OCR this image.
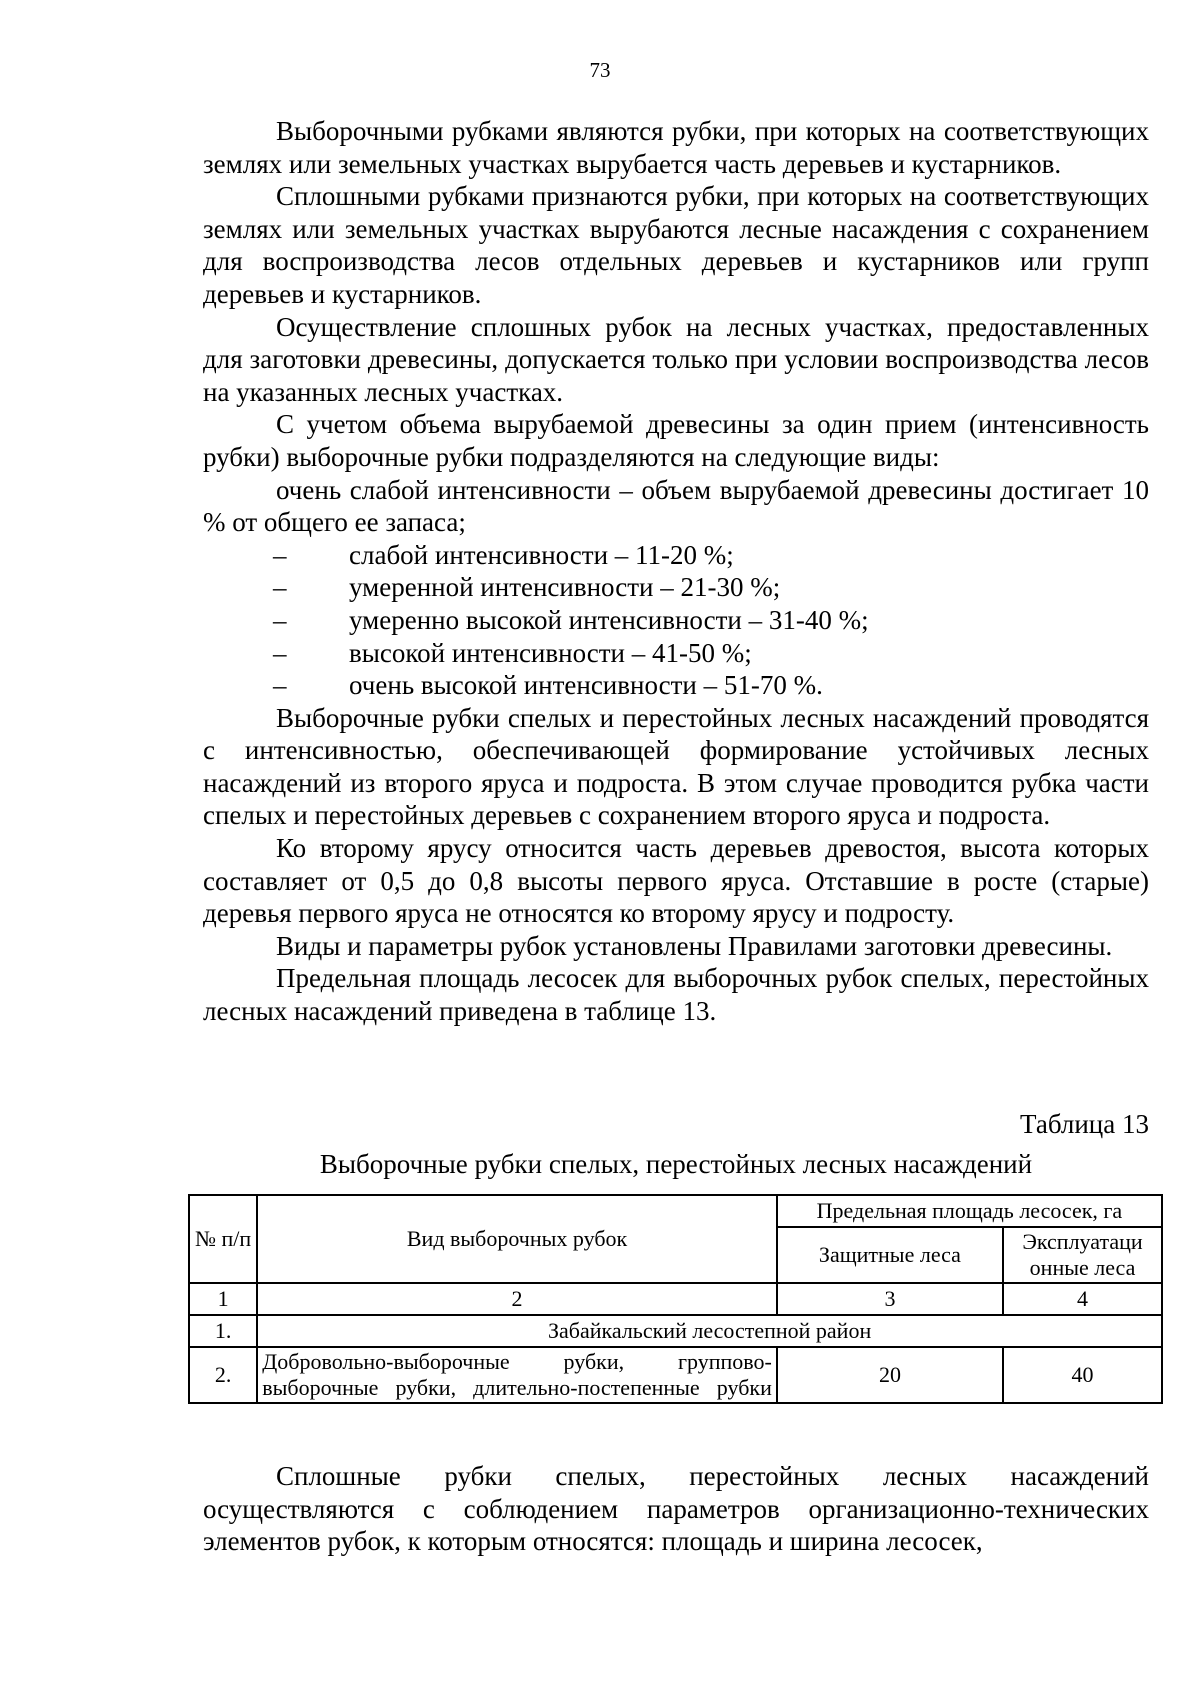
73

Выборочными рубками являются рубки, при которых на соответствующих землях или земельных участках вырубается часть деревьев и кустарников.

Сплошными рубками признаются рубки, при которых на соответствующих землях или земельных участках вырубаются лесные насаждения с сохранением для воспроизводства лесов отдельных деревьев и кустарников или групп деревьев и кустарников.

Осуществление сплошных рубок на лесных участках, предоставленных для заготовки древесины, допускается только при условии воспроизводства лесов на указанных лесных участках.

С учетом объема вырубаемой древесины за один прием (интенсивность рубки) выборочные рубки подразделяются на следующие виды:

очень слабой интенсивности – объем вырубаемой древесины достигает 10 % от общего ее запаса;

–	слабой интенсивности – 11-20 %;

–	умеренной интенсивности – 21-30 %;

–	умеренно высокой интенсивности – 31-40 %;

–	высокой интенсивности – 41-50 %;

–	очень высокой интенсивности – 51-70 %.

Выборочные рубки спелых и перестойных лесных насаждений проводятся с интенсивностью, обеспечивающей формирование устойчивых лесных насаждений из второго яруса и подроста. В этом случае проводится рубка части спелых и перестойных деревьев с сохранением второго яруса и подроста.

Ко второму ярусу относится часть деревьев древостоя, высота которых составляет от 0,5 до 0,8 высоты первого яруса. Отставшие в росте (старые) деревья первого яруса не относятся ко второму ярусу и подросту.

Виды и параметры рубок установлены Правилами заготовки древесины.

Предельная площадь лесосек для выборочных рубок спелых, перестойных лесных насаждений приведена в таблице 13.

Таблица 13
Выборочные рубки спелых, перестойных лесных насаждений
№ п/п	Вид выборочных рубок	Предельная площадь лесосек, га	
		Защитные леса	Эксплуатаци онные леса
1	2	3	4
1.	Забайкальский лесостепной район		
2.	Добровольно-выборочные рубки, группово-выборочные рубки, длительно-постепенные рубки	20	40

Сплошные рубки спелых, перестойных лесных насаждений осуществляются с соблюдением параметров организационно-технических элементов рубок, к которым относятся: площадь и ширина лесосек,
